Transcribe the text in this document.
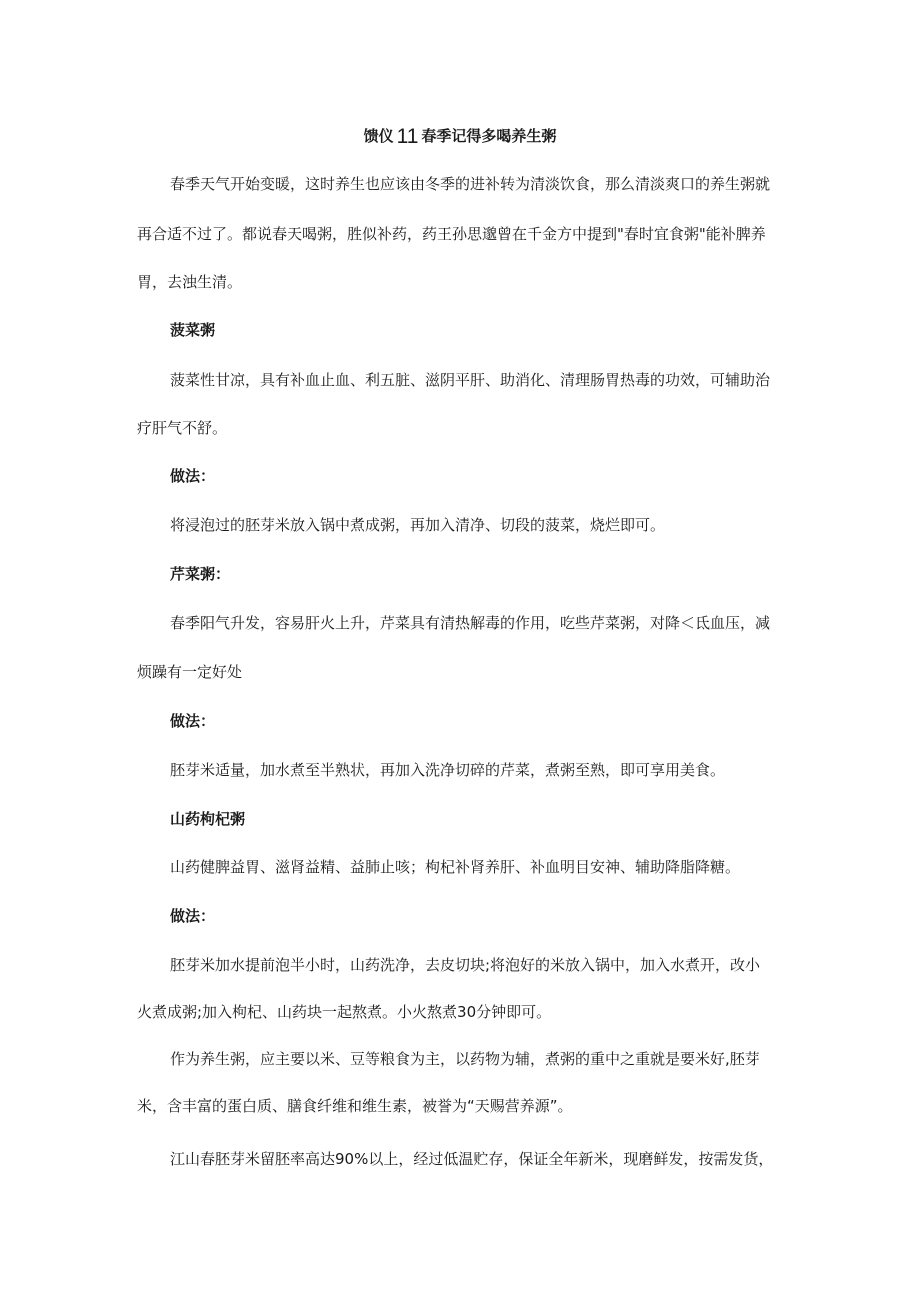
馈仪 11 春季记得多喝养生粥
春季天气开始变暖，这时养生也应该由冬季的进补转为清淡饮食，那么清淡爽口的养生粥就
再合适不过了。都说春天喝粥，胜似补药，药王孙思邈曾在千金方中提到"春时宜食粥"能补脾养
胃，去浊生清。
菠菜粥
菠菜性甘凉，具有补血止血、利五脏、滋阴平肝、助消化、清理肠胃热毒的功效，可辅助治
疗肝气不舒。
做法：
将浸泡过的胚芽米放入锅中煮成粥，再加入清净、切段的菠菜，烧烂即可。
芹菜粥：
春季阳气升发，容易肝火上升，芹菜具有清热解毒的作用，吃些芹菜粥，对降＜氐血压，减
烦躁有一定好处
做法：
胚芽米适量，加水煮至半熟状，再加入洗净切碎的芹菜，煮粥至熟，即可享用美食。
山药枸杞粥
山药健脾益胃、滋肾益精、益肺止咳；枸杞补肾养肝、补血明目安神、辅助降脂降糖。
做法：
胚芽米加水提前泡半小时，山药洗净，去皮切块;将泡好的米放入锅中，加入水煮开，改小
火煮成粥;加入枸杞、山药块一起熬煮。小火熬煮30分钟即可。
作为养生粥，应主要以米、豆等粮食为主，以药物为辅，煮粥的重中之重就是要米好,胚芽
米，含丰富的蛋白质、膳食纤维和维生素，被誉为“天赐营养源”。
江山春胚芽米留胚率高达90%以上，经过低温贮存，保证全年新米，现磨鲜发，按需发货，
